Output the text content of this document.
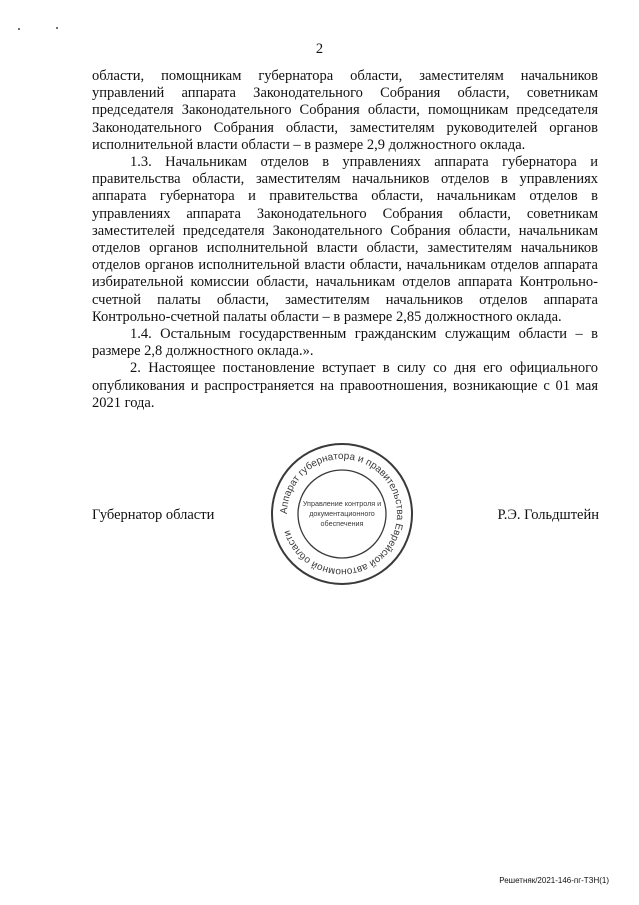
2

области, помощникам губернатора области, заместителям начальников управлений аппарата Законодательного Собрания области, советникам председателя Законодательного Собрания области, помощникам председателя Законодательного Собрания области, заместителям руководителей органов исполнительной власти области – в размере 2,9 должностного оклада.

1.3. Начальникам отделов в управлениях аппарата губернатора и правительства области, заместителям начальников отделов в управлениях аппарата губернатора и правительства области, начальникам отделов в управлениях аппарата Законодательного Собрания области, советникам заместителей председателя Законодательного Собрания области, начальникам отделов органов исполнительной власти области, заместителям начальников отделов органов исполнительной власти области, начальникам отделов аппарата избирательной комиссии области, начальникам отделов аппарата Контрольно-счетной палаты области, заместителям начальников отделов аппарата Контрольно-счетной палаты области – в размере 2,85 должностного оклада.

1.4. Остальным государственным гражданским служащим области – в размере 2,8 должностного оклада.».

2. Настоящее постановление вступает в силу со дня его официального опубликования и распространяется на правоотношения, возникающие с 01 мая 2021 года.

Губернатор области	Р.Э. Гольдштейн
Аппарат губернатора и правительства Еврейской автономной области
Управление контроля и
документационного
обеспечения
Решетняк/2021-146-пг-ТЗН(1)
